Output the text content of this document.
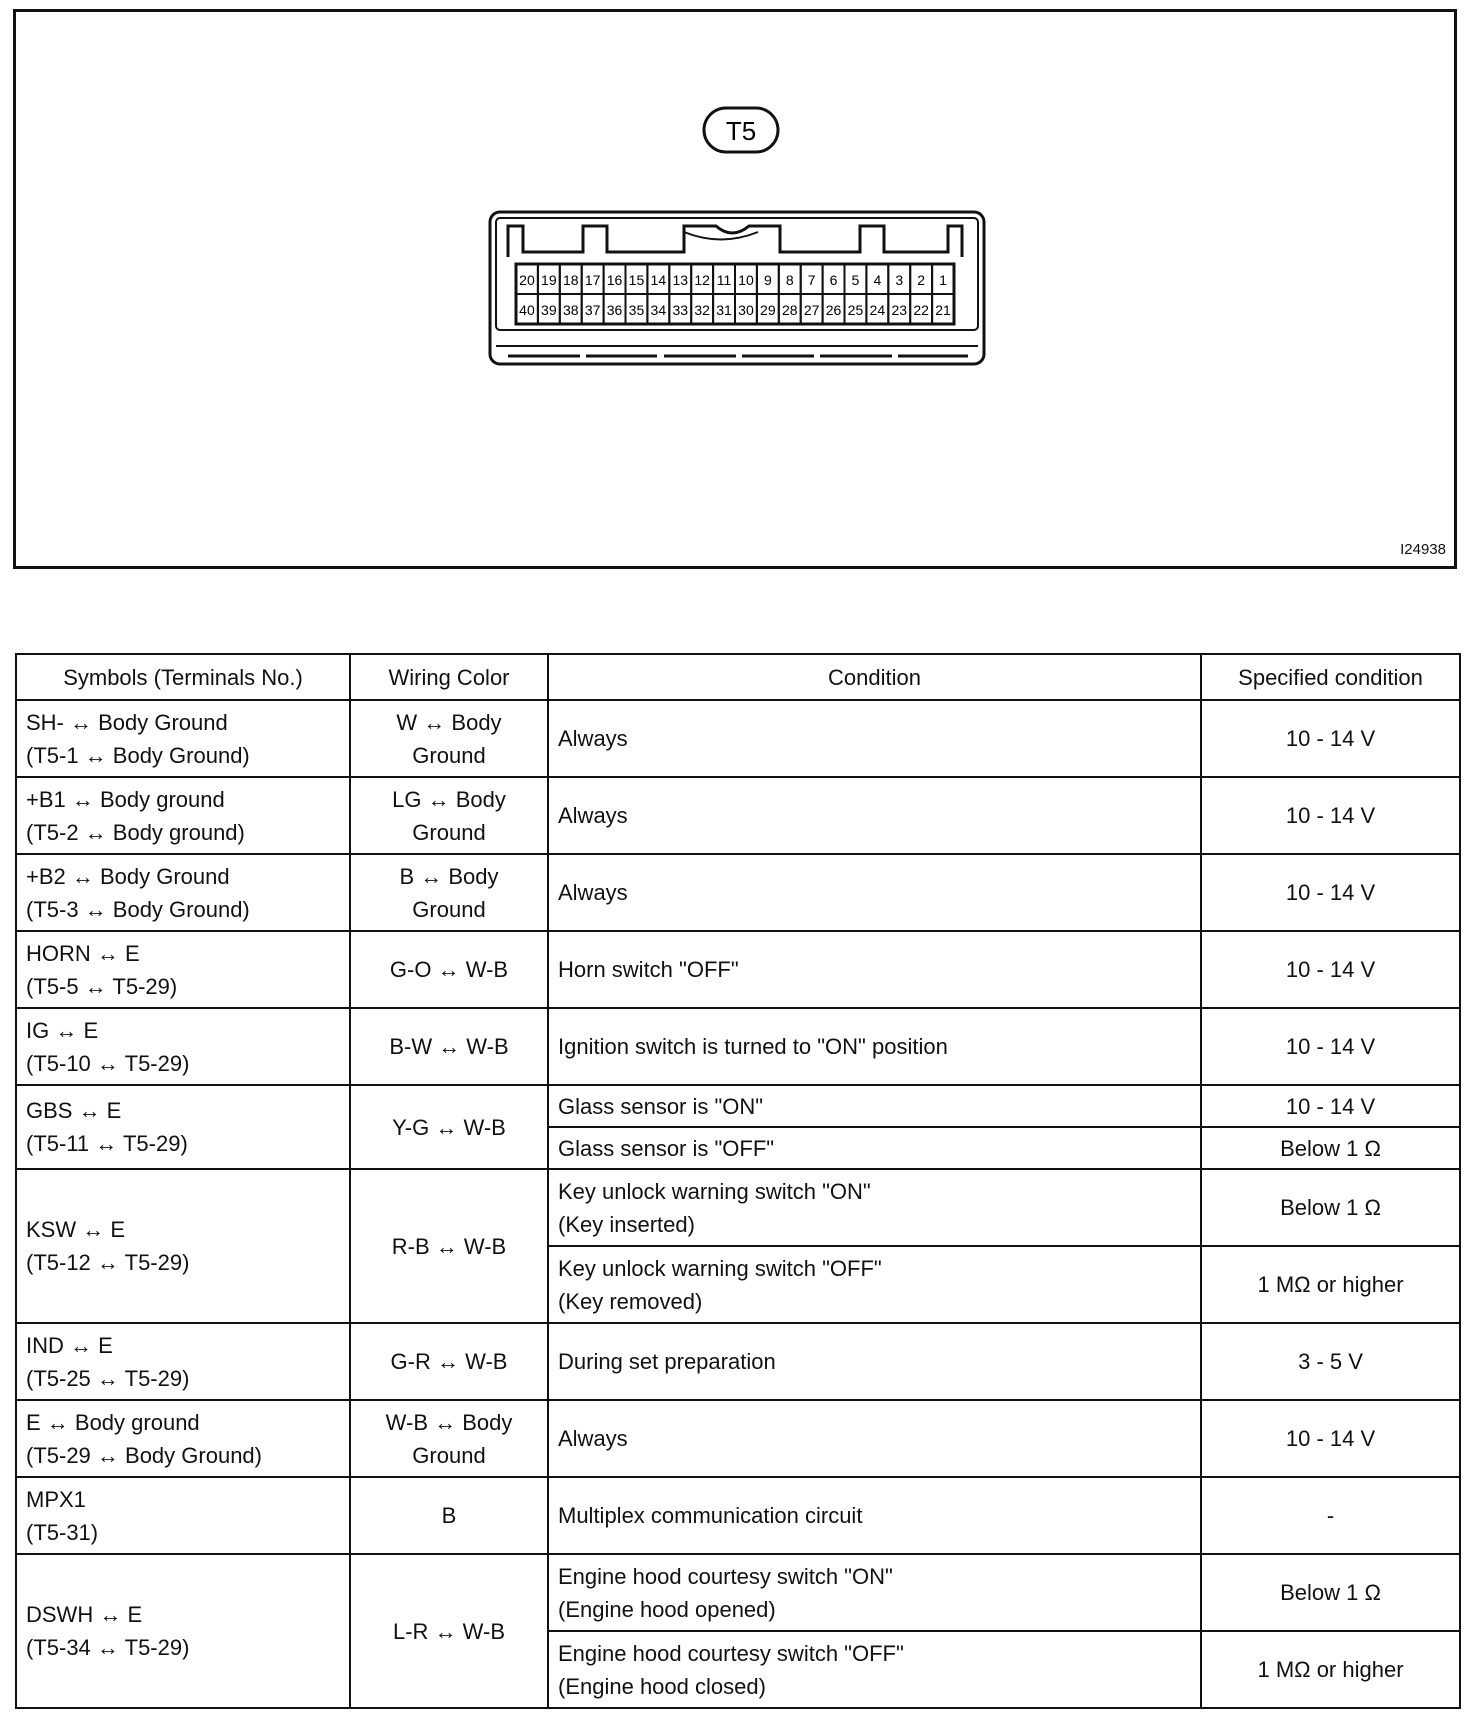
T5
20 19 18 17 16 15 14 13 12 11 10 9 8 7 6 5 4 3 2 1
40 39 38 37 36 35 34 33 32 31 30 29 28 27 26 25 24 23 22 21
I24938
Symbols (Terminals No.)	Wiring Color	Condition	Specified condition

SH- ↔ Body Ground
(T5-1 ↔ Body Ground)	W ↔ Body
Ground	Always	10 - 14 V

+B1 ↔ Body ground
(T5-2 ↔ Body ground)	LG ↔ Body
Ground	Always	10 - 14 V

+B2 ↔ Body Ground
(T5-3 ↔ Body Ground)	B ↔ Body
Ground	Always	10 - 14 V

HORN ↔ E
(T5-5 ↔ T5-29)	G-O ↔ W-B	Horn switch "OFF"	10 - 14 V

IG ↔ E
(T5-10 ↔ T5-29)	B-W ↔ W-B	Ignition switch is turned to "ON" position	10 - 14 V

GBS ↔ E
(T5-11 ↔ T5-29)	Y-G ↔ W-B	Glass sensor is "ON"	10 - 14 V

		Glass sensor is "OFF"	Below 1 Ω

KSW ↔ E
(T5-12 ↔ T5-29)	R-B ↔ W-B	Key unlock warning switch "ON"
(Key inserted)	Below 1 Ω

		Key unlock warning switch "OFF"
(Key removed)	1 MΩ or higher

IND ↔ E
(T5-25 ↔ T5-29)	G-R ↔ W-B	During set preparation	3 - 5 V

E ↔ Body ground
(T5-29 ↔ Body Ground)	W-B ↔ Body
Ground	Always	10 - 14 V

MPX1
(T5-31)	B	Multiplex communication circuit	-

DSWH ↔ E
(T5-34 ↔ T5-29)	L-R ↔ W-B	Engine hood courtesy switch "ON"
(Engine hood opened)	Below 1 Ω

		Engine hood courtesy switch "OFF"
(Engine hood closed)	1 MΩ or higher
